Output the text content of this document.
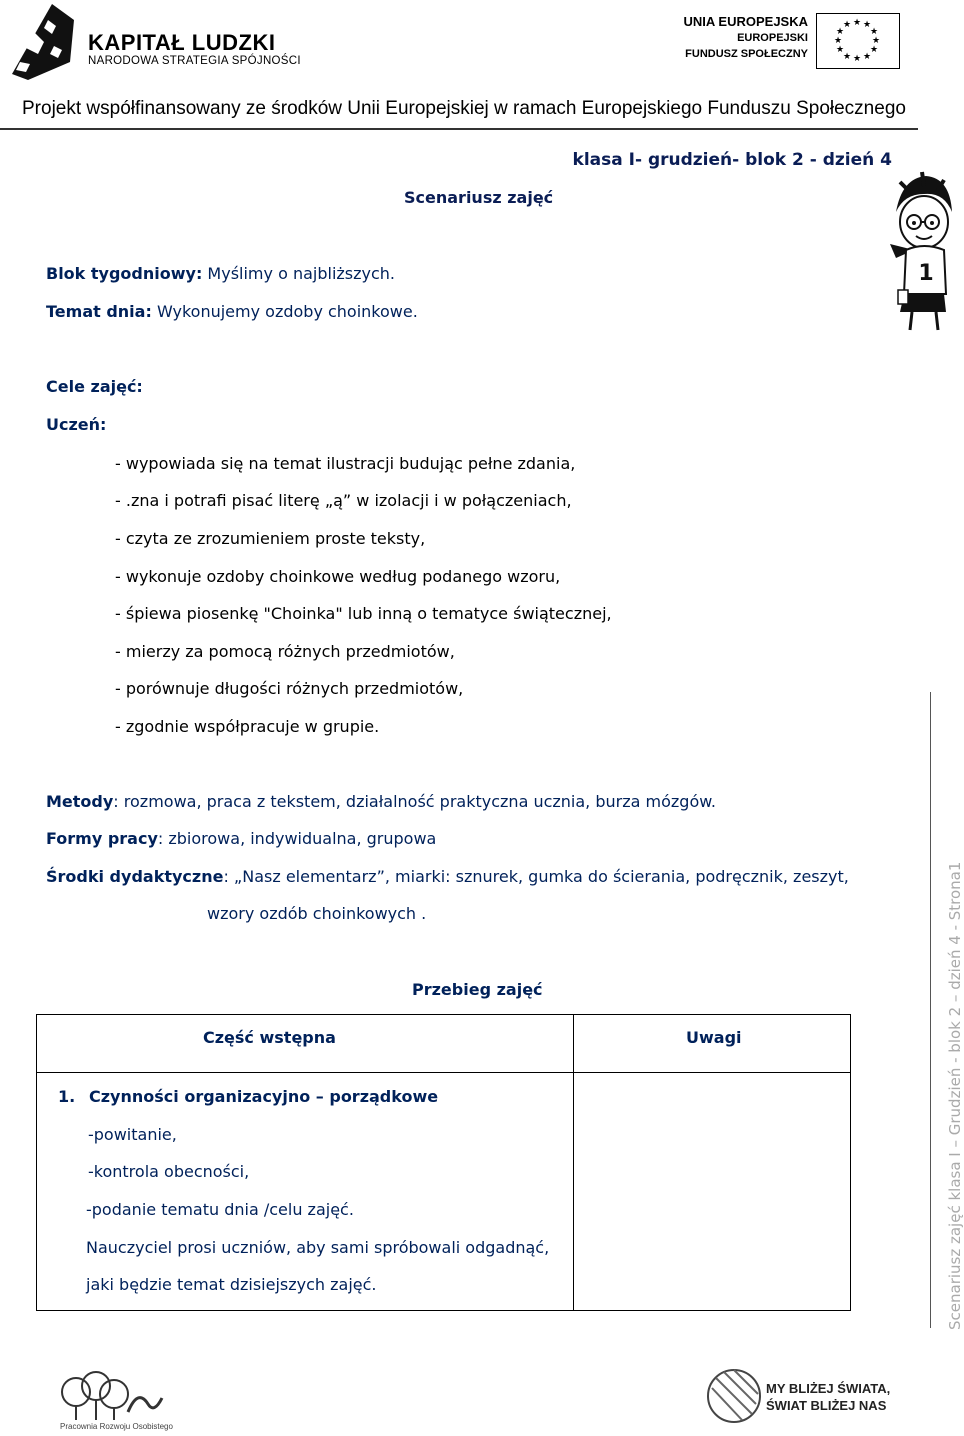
KAPITAŁ LUDZKI
NARODOWA STRATEGIA SPÓJNOŚCI
UNIA EUROPEJSKA
EUROPEJSKI
FUNDUSZ SPOŁECZNY
★ ★
★
★
★
★
★
★
★
★
★
★
Projekt współfinansowany ze środków Unii Europejskiej w ramach Europejskiego Funduszu Społecznego
klasa I- grudzień- blok 2 - dzień 4
Scenariusz zajęć
1
Blok tygodniowy: Myślimy o najbliższych.
Temat dnia: Wykonujemy ozdoby choinkowe.
Cele zajęć:
Uczeń:
- wypowiada się na temat ilustracji budując pełne zdania,
- .zna i potrafi pisać literę „ą” w izolacji i w połączeniach,
- czyta ze zrozumieniem proste teksty,
- wykonuje ozdoby choinkowe według podanego wzoru,
- śpiewa piosenkę "Choinka" lub inną o tematyce świątecznej,
- mierzy za pomocą różnych przedmiotów,
- porównuje długości różnych przedmiotów,
- zgodnie współpracuje w grupie.
Metody: rozmowa, praca z tekstem, działalność praktyczna ucznia, burza mózgów.
Formy pracy: zbiorowa, indywidualna, grupowa
Środki dydaktyczne: „Nasz elementarz”, miarki: sznurek, gumka do ścierania, podręcznik, zeszyt,
wzory ozdób choinkowych .
Przebieg zajęć
Część wstępna	Uwagi
1. Czynności organizacyjno – porządkowe
-powitanie,
-kontrola obecności,
-podanie tematu dnia /celu zajęć.
Nauczyciel prosi uczniów, aby sami spróbowali odgadnąć,
jaki będzie temat dzisiejszych zajęć.	Scenariusz zajęć klasa I – Grudzień - blok 2 – dzień 4 - Strona1
Pracownia Rozwoju Osobistego
MY BLIŻEJ ŚWIATA,
ŚWIAT BLIŻEJ NAS
